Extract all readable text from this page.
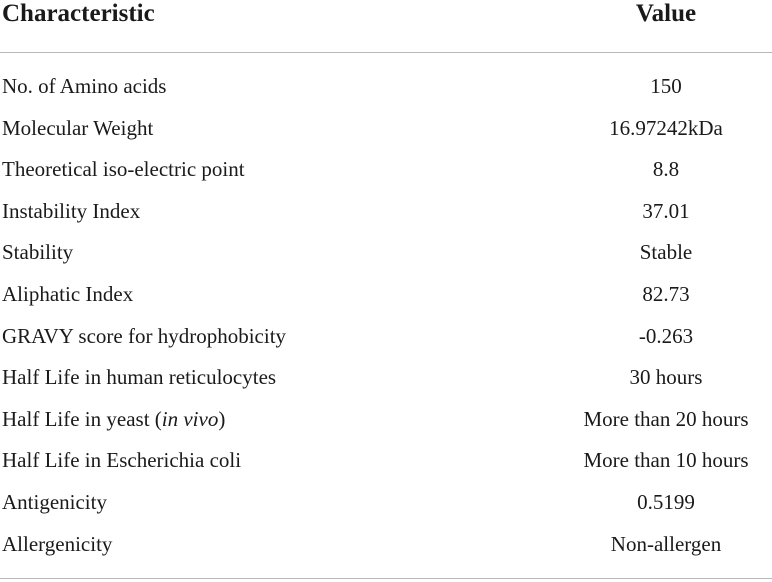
Characteristic	Value
No. of Amino acids	150
Molecular Weight	16.97242kDa
Theoretical iso-electric point	8.8
Instability Index	37.01
Stability	Stable
Aliphatic Index	82.73
GRAVY score for hydrophobicity	-0.263
Half Life in human reticulocytes	30 hours
Half Life in yeast (in vivo)	More than 20 hours
Half Life in Escherichia coli	More than 10 hours
Antigenicity	0.5199
Allergenicity	Non-allergen
